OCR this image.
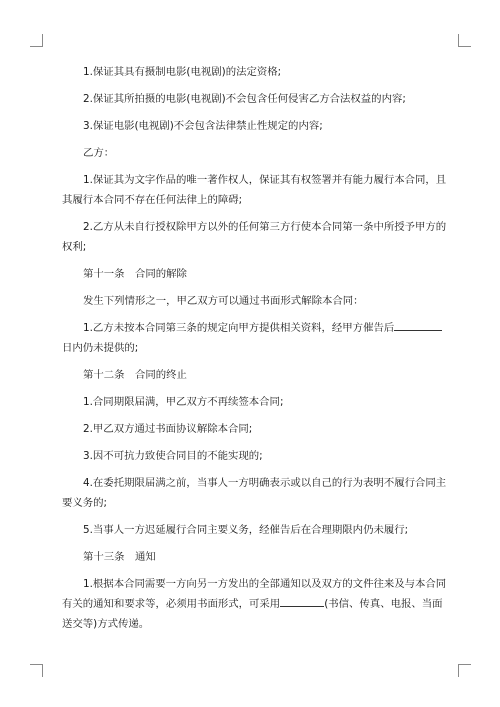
1.保证其具有摄制电影(电视剧)的法定资格;

2.保证其所拍摄的电影(电视剧)不会包含任何侵害乙方合法权益的内容;

3.保证电影(电视剧)不会包含法律禁止性规定的内容;

乙方：

1.保证其为文字作品的唯一著作权人，保证其有权签署并有能力履行本合同，且其履行本合同不存在任何法律上的障碍;

2.乙方从未自行授权除甲方以外的任何第三方行使本合同第一条中所授予甲方的权利;

第十一条　合同的解除

发生下列情形之一，甲乙双方可以通过书面形式解除本合同：

1.乙方未按本合同第三条的规定向甲方提供相关资料，经甲方催告后日内仍未提供的;

第十二条　合同的终止

1.合同期限届满，甲乙双方不再续签本合同;

2.甲乙双方通过书面协议解除本合同;

3.因不可抗力致使合同目的不能实现的;

4.在委托期限届满之前，当事人一方明确表示或以自己的行为表明不履行合同主要义务的;

5.当事人一方迟延履行合同主要义务，经催告后在合理期限内仍未履行;

第十三条　通知

1.根据本合同需要一方向另一方发出的全部通知以及双方的文件往来及与本合同有关的通知和要求等，必须用书面形式，可采用	(书信、传真、电报、当面送交等)方式传递。
